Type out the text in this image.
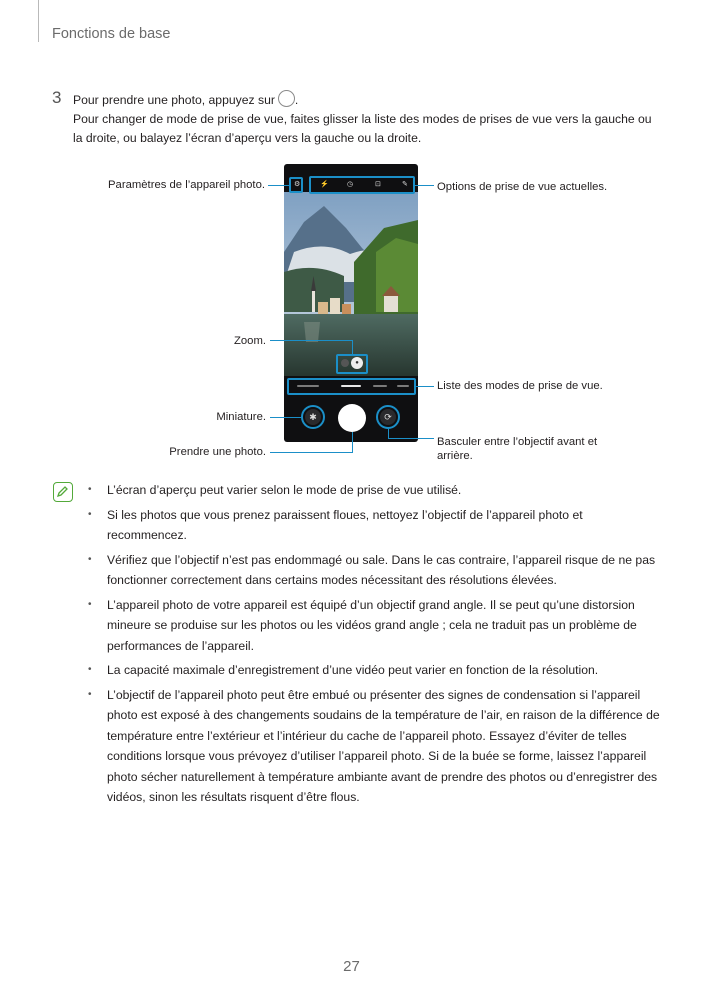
Fonctions de base
3 Pour prendre une photo, appuyez sur .

Pour changer de mode de prise de vue, faites glisser la liste des modes de prises de vue vers la gauche ou la droite, ou balayez l’écran d’aperçu vers la gauche ou la droite.

⚙	⚡	◷	⊡	✎
●
✱	⟳
Paramètres de l’appareil photo.	Options de prise de vue actuelles.
Zoom.
Liste des modes de prise de vue.
Miniature.
Prendre une photo.
Basculer entre l’objectif avant et
arrière.
• L’écran d’aperçu peut varier selon le mode de prise de vue utilisé.
• Si les photos que vous prenez paraissent floues, nettoyez l’objectif de l’appareil photo et recommencez.
• Vérifiez que l’objectif n’est pas endommagé ou sale. Dans le cas contraire, l’appareil risque de ne pas fonctionner correctement dans certains modes nécessitant des résolutions élevées.
• L’appareil photo de votre appareil est équipé d’un objectif grand angle. Il se peut qu’une distorsion mineure se produise sur les photos ou les vidéos grand angle ; cela ne traduit pas un problème de performances de l’appareil.
• La capacité maximale d’enregistrement d’une vidéo peut varier en fonction de la résolution.
• L’objectif de l’appareil photo peut être embué ou présenter des signes de condensation si l’appareil photo est exposé à des changements soudains de la température de l’air, en raison de la différence de température entre l’extérieur et l’intérieur du cache de l’appareil photo. Essayez d’éviter de telles conditions lorsque vous prévoyez d’utiliser l’appareil photo. Si de la buée se forme, laissez l’appareil photo sécher naturellement à température ambiante avant de prendre des photos ou d’enregistrer des vidéos, sinon les résultats risquent d’être flous.
27
